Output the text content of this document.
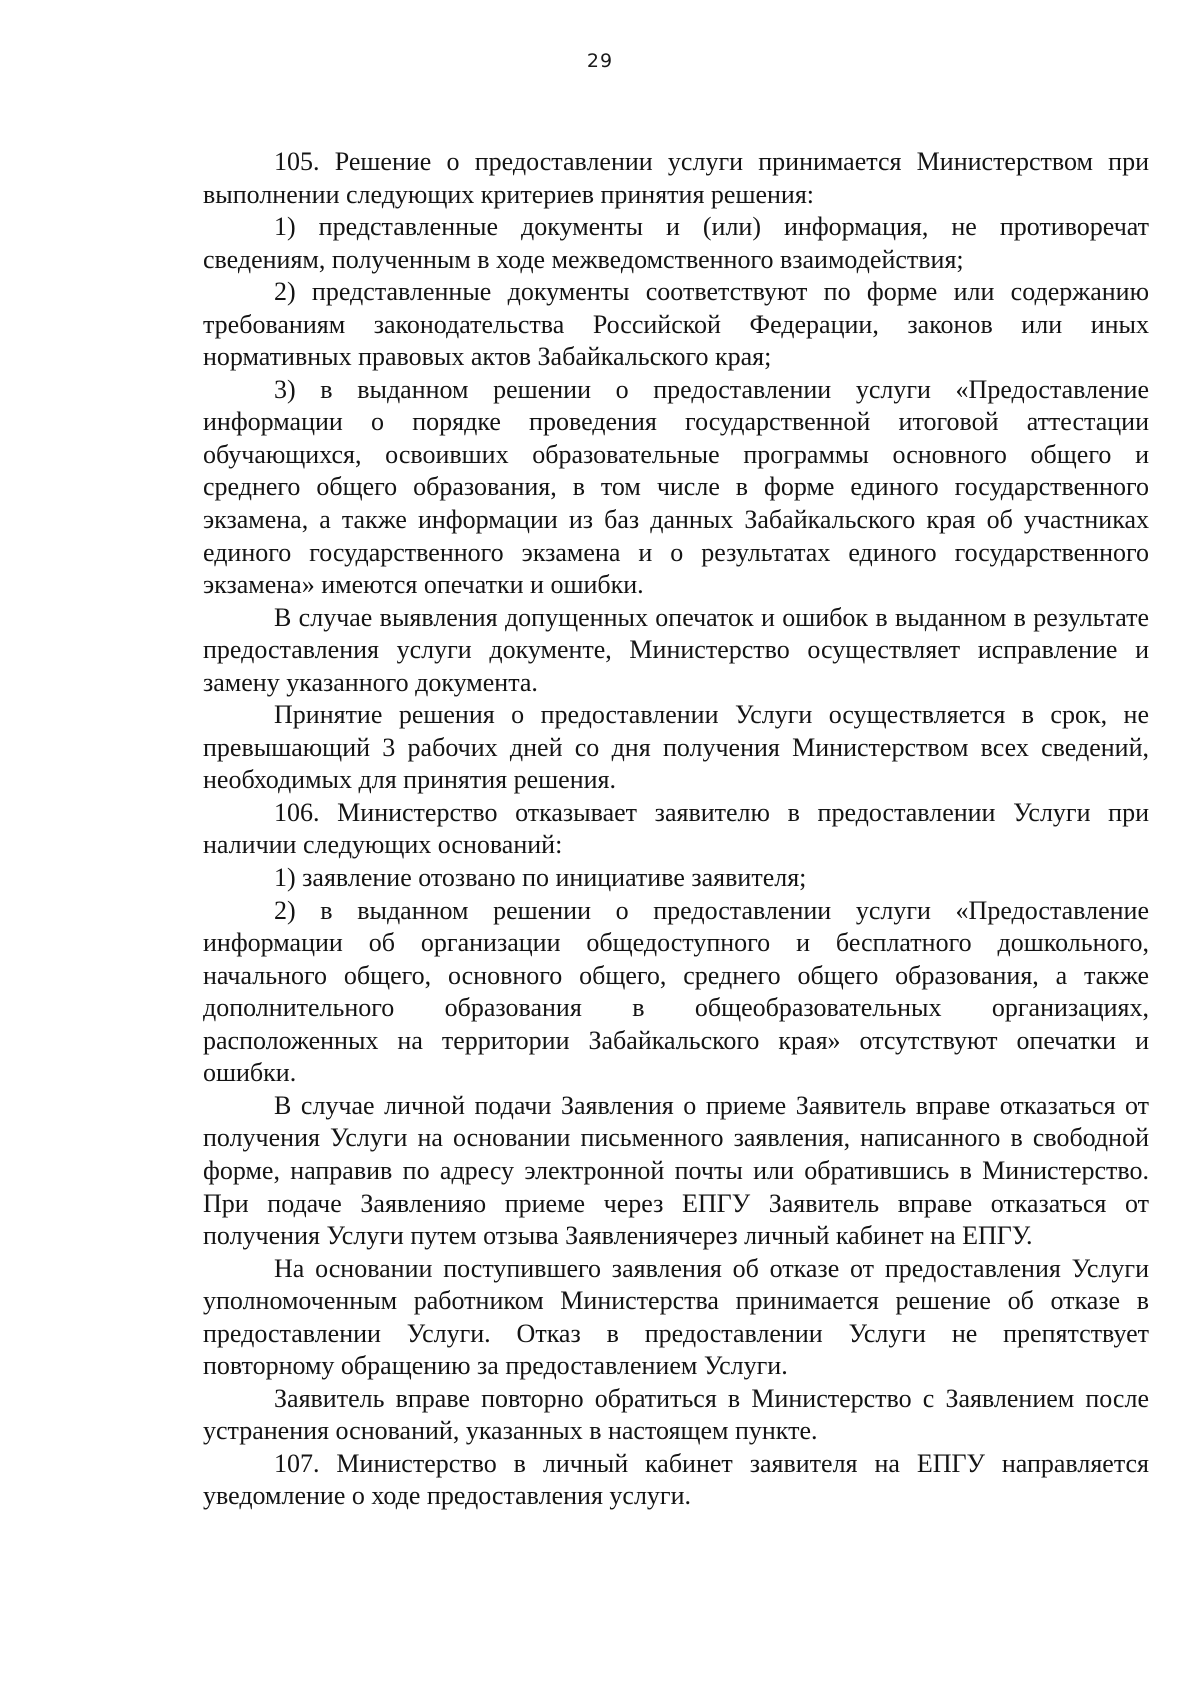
29

105. Решение о предоставлении услуги принимается Министерством при выполнении следующих критериев принятия решения:

1) представленные документы и (или) информация, не противоречат сведениям, полученным в ходе межведомственного взаимодействия;

2) представленные документы соответствуют по форме или содержанию требованиям законодательства Российской Федерации, законов или иных нормативных правовых актов Забайкальского края;

3) в выданном решении о предоставлении услуги «Предоставление информации о порядке проведения государственной итоговой аттестации обучающихся, освоивших образовательные программы основного общего и среднего общего образования, в том числе в форме единого государственного экзамена, а также информации из баз данных Забайкальского края об участниках единого государственного экзамена и о результатах единого государственного экзамена» имеются опечатки и ошибки.

В случае выявления допущенных опечаток и ошибок в выданном в результате предоставления услуги документе, Министерство осуществляет исправление и замену указанного документа.

Принятие решения о предоставлении Услуги осуществляется в срок, не превышающий 3 рабочих дней со дня получения Министерством всех сведений, необходимых для принятия решения.

106. Министерство отказывает заявителю в предоставлении Услуги при наличии следующих оснований:

1) заявление отозвано по инициативе заявителя;

2) в выданном решении о предоставлении услуги «Предоставление информации об организации общедоступного и бесплатного дошкольного, начального общего, основного общего, среднего общего образования, а также дополнительного образования в общеобразовательных организациях, расположенных на территории Забайкальского края» отсутствуют опечатки и ошибки.

В случае личной подачи Заявления о приеме Заявитель вправе отказаться от получения Услуги на основании письменного заявления, написанного в свободной форме, направив по адресу электронной почты или обратившись в Министерство. При подаче Заявленияо приеме через ЕПГУ Заявитель вправе отказаться от получения Услуги путем отзыва Заявлениячерез личный кабинет на ЕПГУ.

На основании поступившего заявления об отказе от предоставления Услуги уполномоченным работником Министерства принимается решение об отказе в предоставлении Услуги. Отказ в предоставлении Услуги не препятствует повторному обращению за предоставлением Услуги.

Заявитель вправе повторно обратиться в Министерство с Заявлением после устранения оснований, указанных в настоящем пункте.

107. Министерство в личный кабинет заявителя на ЕПГУ направляется уведомление о ходе предоставления услуги.
